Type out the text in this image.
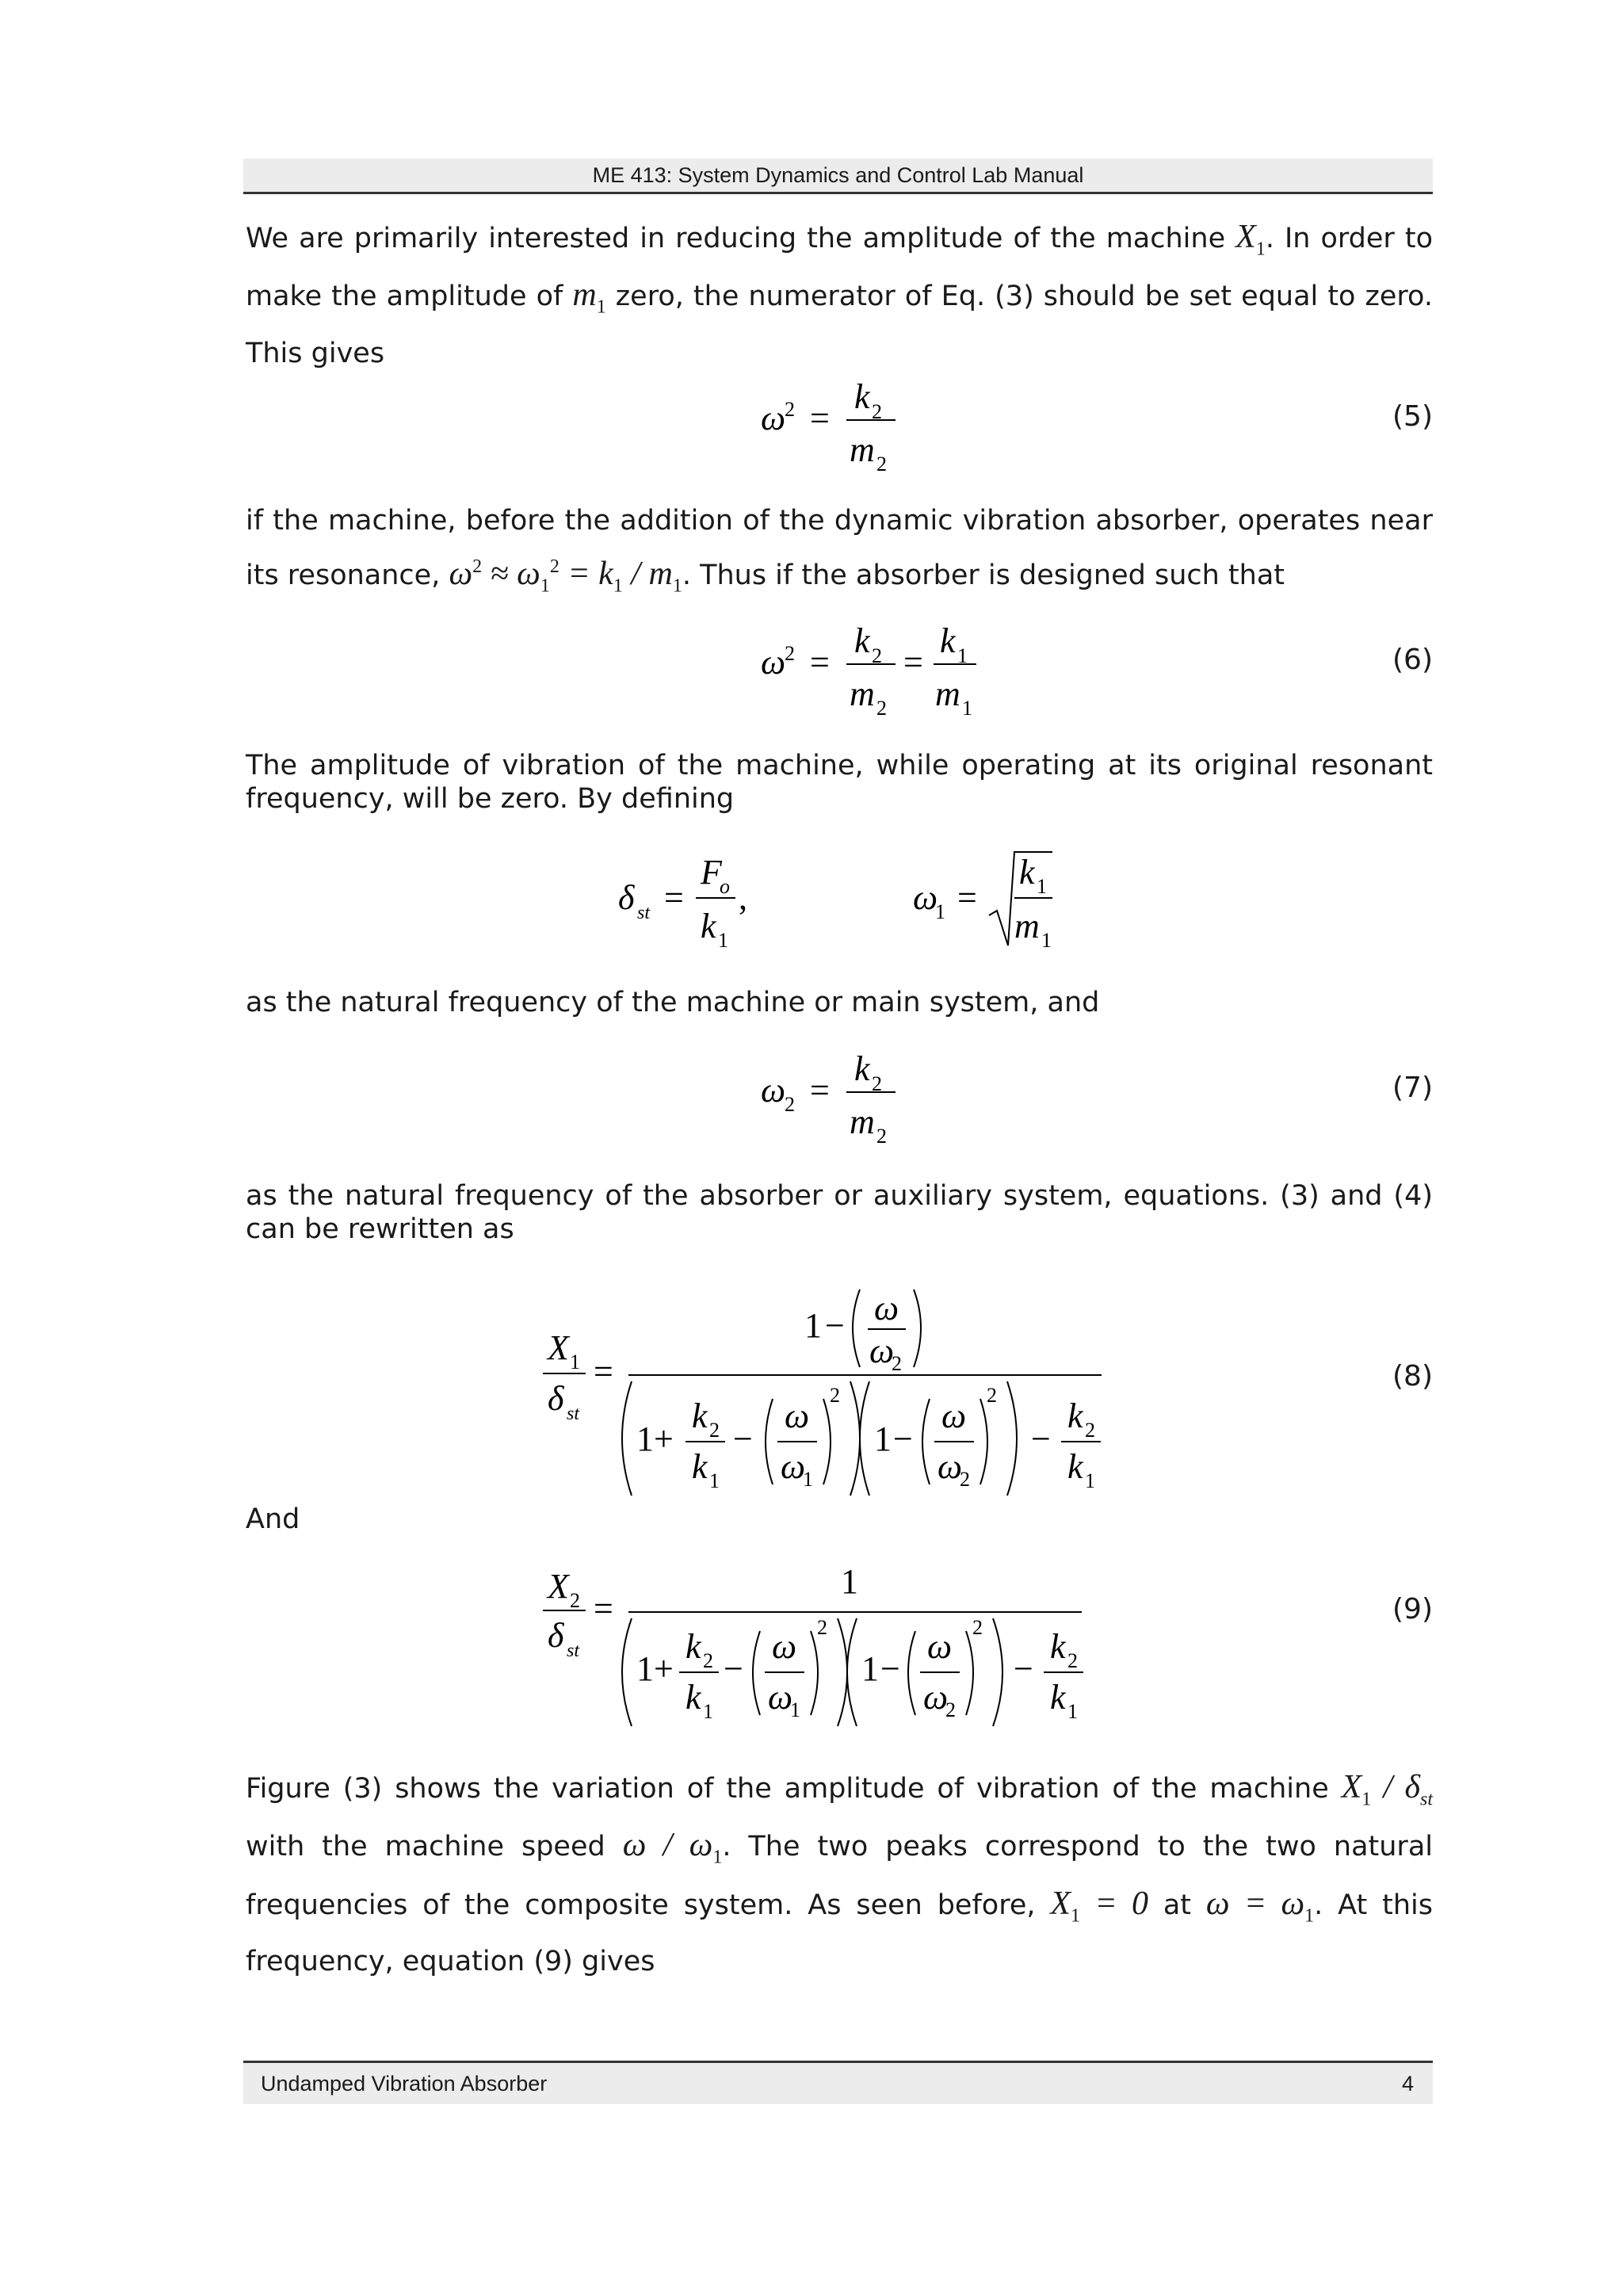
ME 413: System Dynamics and Control Lab Manual
We are primarily interested in reducing the amplitude of the machine $X_1$. In order to make the amplitude of $m_1$ zero, the numerator of Eq. (3) should be set equal to zero. This gives
ω
2 =
k 2
m 2
(5)
if the machine, before the addition of the dynamic vibration absorber, operates near its resonance, $\omega^2 \approx \omega_1^2 = k_1 / m_1$. Thus if the absorber is designed such that
ω
2 =
k 2
m 2
=
k 1
m 1
(6)
The amplitude of vibration of the machine, while operating at its original resonant frequency, will be zero. By defining
δ st =
F
o
k 1
,	ω
1 =
k 1
m 1
as the natural frequency of the machine or main system, and
ω
2 =
k 2
m 2
(7)
as the natural frequency of the absorber or auxiliary system, equations. (3) and (4) can be rewritten as
1 − ω
ω
2
X 1
δ st
=
1 +
k 2
k 1
−
ω
ω
1
2
1 −
ω
ω
2
2
−
k 2
k 1
(8)
And
X 2
δ st
=
1
1 +
k 2
k 1
−
ω
ω
1
2
1 −
ω
ω
2
2
−
k 2
k 1
(9)
Figure (3) shows the variation of the amplitude of vibration of the machine $X_1 / \delta_{st}$ with the machine speed ω / $\omega_1$. The two peaks correspond to the two natural frequencies of the composite system. As seen before, $X_1 = 0$ at $\omega = \omega_1$. At this frequency, equation (9) gives
Undamped Vibration Absorber	4
